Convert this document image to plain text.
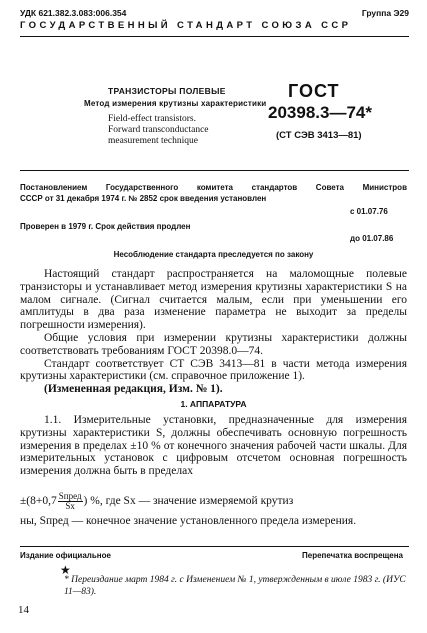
УДК 621.382.3.083:006.354	Группа Э29
ГОСУДАРСТВЕННЫЙ СТАНДАРТ СОЮЗА ССР
ТРАНЗИСТОРЫ ПОЛЕВЫЕ
Метод измерения крутизны характеристики
Field-effect transistors.
Forward transconductance
measurement technique
ГОСТ
20398.3—74*
(СТ СЭВ 3413—81)
Постановлением Государственного комитета стандартов Совета Министров
СССР от 31 декабря 1974 г. № 2852 срок введения установлен
с 01.07.76
Проверен в 1979 г. Срок действия продлен
до 01.07.86
Несоблюдение стандарта преследуется по закону

Настоящий стандарт распространяется на маломощные полевые транзисторы и устанавливает метод измерения крутизны характеристики S на малом сигнале. (Сигнал считается малым, если при уменьшении его амплитуды в два раза изменение параметра не выходит за пределы погрешности измерения).

Общие условия при измерении крутизны характеристики должны соответствовать требованиям ГОСТ 20398.0—74.

Стандарт соответствует СТ СЭВ 3413—81 в части метода измерения крутизны характеристики (см. справочное приложение 1).

(Измененная редакция, Изм. № 1).

1. АППАРАТУРА

1.1. Измерительные установки, предназначенные для измерения крутизны характеристики S, должны обеспечивать основную погрешность измерения в пределах ±10 % от конечного значения рабочей части шкалы. Для измерительных установок с цифровым отсчетом основная погрешность измерения должна быть в пределах

$\pm(8+0,7 \frac{\text{Sпред}}{Sx}$ ) %, где Sx — значение измеряемой крутиз
ны, Sпред — конечное значение установленного предела измерения.
Издание официальное	Перепечатка воспрещена
★
* Переиздание март 1984 г. с Изменением № 1, утвержденным в июле 1983 г. (ИУС 11—83).
14
